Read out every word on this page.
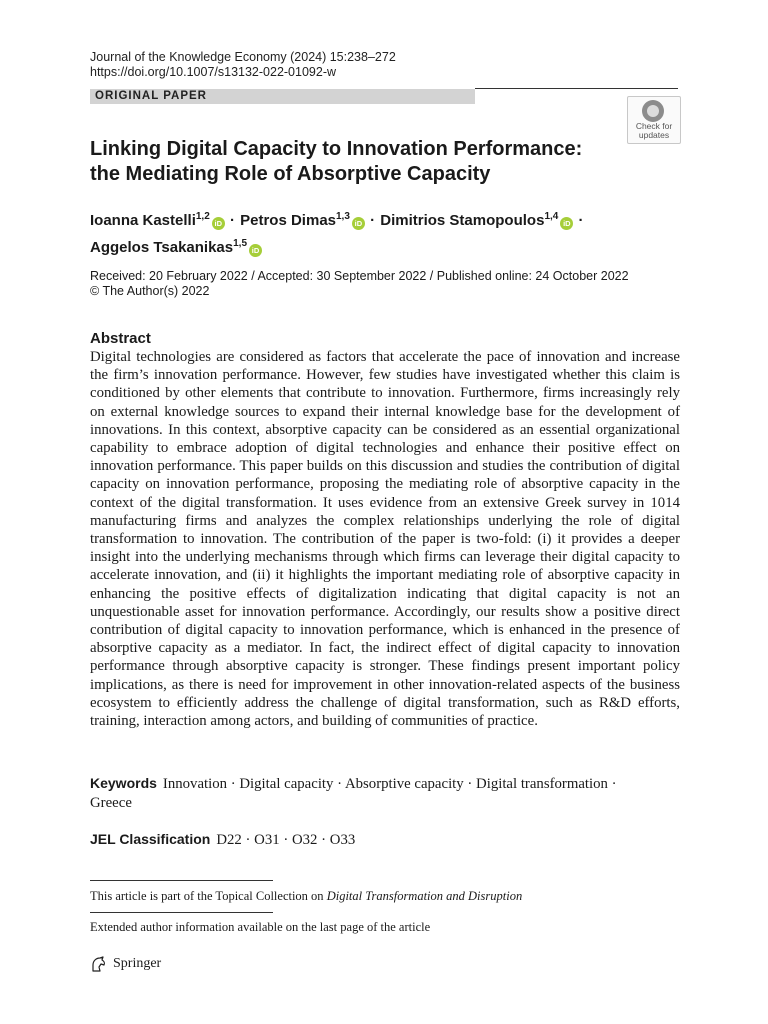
Journal of the Knowledge Economy (2024) 15:238–272
https://doi.org/10.1007/s13132-022-01092-w
ORIGINAL PAPER
Check for updates
Linking Digital Capacity to Innovation Performance:
the Mediating Role of Absorptive Capacity
Ioanna Kastelli$^{1,2}$iD · Petros Dimas$^{1,3}$iD · Dimitrios Stamopoulos$^{1,4}$iD ·
Aggelos Tsakanikas$^{1,5}$iD
Received: 20 February 2022 / Accepted: 30 September 2022 / Published online: 24 October 2022
© The Author(s) 2022
Abstract
Digital technologies are considered as factors that accelerate the pace of innovation and increase the firm’s innovation performance. However, few studies have investigated whether this claim is conditioned by other elements that contribute to innovation. Furthermore, firms increasingly rely on external knowledge sources to expand their internal knowledge base for the development of innovations. In this context, absorptive capacity can be considered as an essential organizational capability to embrace adoption of digital technologies and enhance their positive effect on innovation performance. This paper builds on this discussion and studies the contribution of digital capacity on innovation performance, proposing the mediating role of absorptive capacity in the context of the digital transformation. It uses evidence from an extensive Greek survey in 1014 manufacturing firms and analyzes the complex relationships underlying the role of digital transformation to innovation. The contribution of the paper is two-fold: (i) it provides a deeper insight into the underlying mechanisms through which firms can leverage their digital capacity to accelerate innovation, and (ii) it highlights the important mediating role of absorptive capacity in enhancing the positive effects of digitalization indicating that digital capacity is not an unquestionable asset for innovation performance. Accordingly, our results show a positive direct contribution of digital capacity to innovation performance, which is enhanced in the presence of absorptive capacity as a mediator. In fact, the indirect effect of digital capacity to innovation performance through absorptive capacity is stronger. These findings present important policy implications, as there is need for improvement in other innovation-related aspects of the business ecosystem to efficiently address the challenge of digital transformation, such as R&D efforts, training, interaction among actors, and building of communities of practice.
Keywords Innovation · Digital capacity · Absorptive capacity · Digital transformation · Greece
JEL Classification D22 · O31 · O32 · O33
This article is part of the Topical Collection on Digital Transformation and Disruption
Extended author information available on the last page of the article
Springer
